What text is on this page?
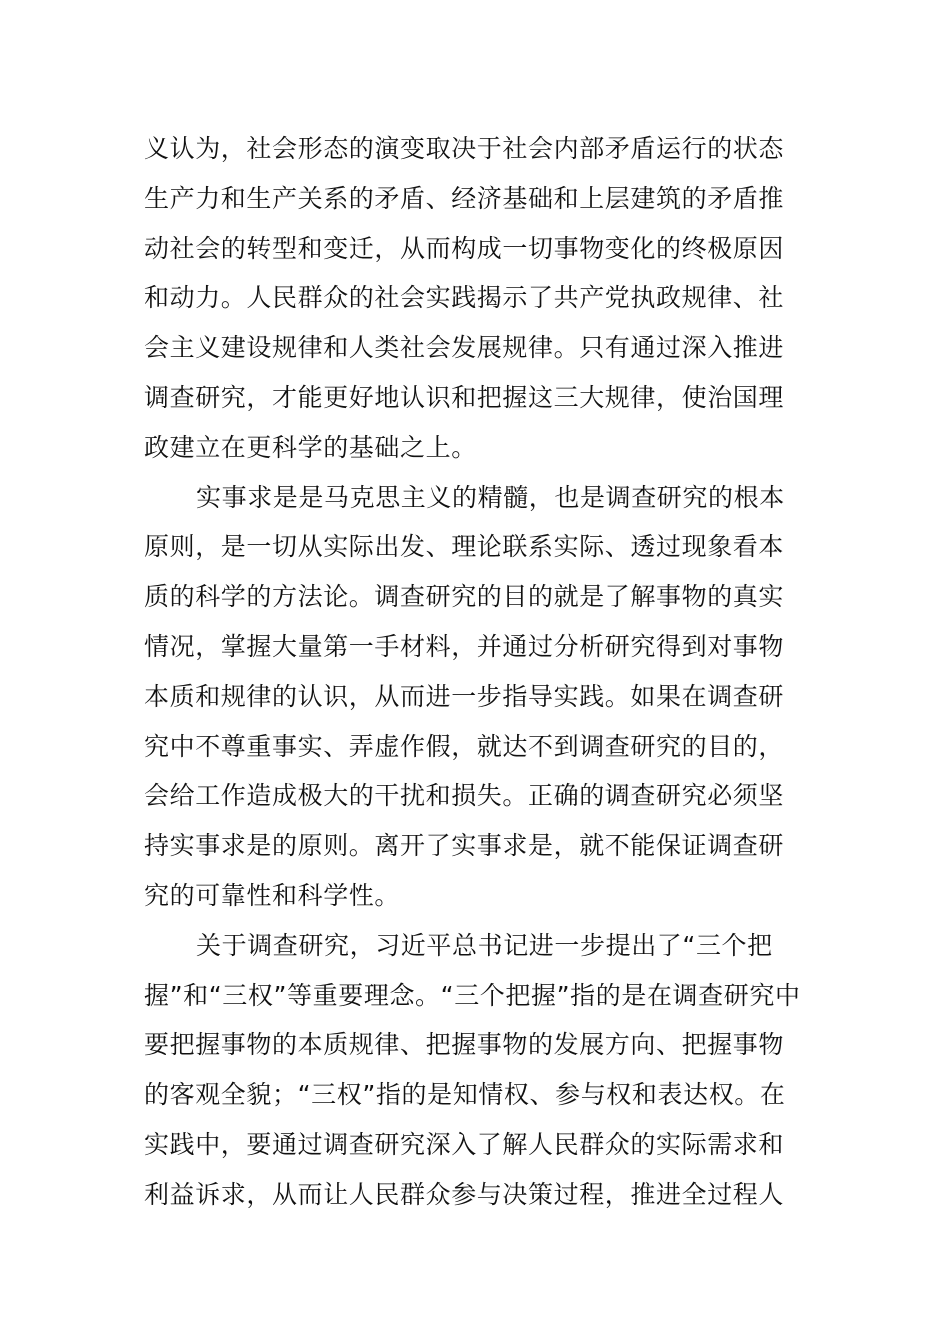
义认为，社会形态的演变取决于社会内部矛盾运行的状态
生产力和生产关系的矛盾、经济基础和上层建筑的矛盾推
动社会的转型和变迁，从而构成一切事物变化的终极原因
和动力。人民群众的社会实践揭示了共产党执政规律、社
会主义建设规律和人类社会发展规律。只有通过深入推进
调查研究，才能更好地认识和把握这三大规律，使治国理
政建立在更科学的基础之上。
实事求是是马克思主义的精髓，也是调查研究的根本
原则，是一切从实际出发、理论联系实际、透过现象看本
质的科学的方法论。调查研究的目的就是了解事物的真实
情况，掌握大量第一手材料，并通过分析研究得到对事物
本质和规律的认识，从而进一步指导实践。如果在调查研
究中不尊重事实、弄虚作假，就达不到调查研究的目的，
会给工作造成极大的干扰和损失。正确的调查研究必须坚
持实事求是的原则。离开了实事求是，就不能保证调查研
究的可靠性和科学性。
关于调查研究，习近平总书记进一步提出了“三个把
握”和“三权”等重要理念。“三个把握”指的是在调查研究中
要把握事物的本质规律、把握事物的发展方向、把握事物
的客观全貌；“三权”指的是知情权、参与权和表达权。在
实践中，要通过调查研究深入了解人民群众的实际需求和
利益诉求，从而让人民群众参与决策过程，推进全过程人
